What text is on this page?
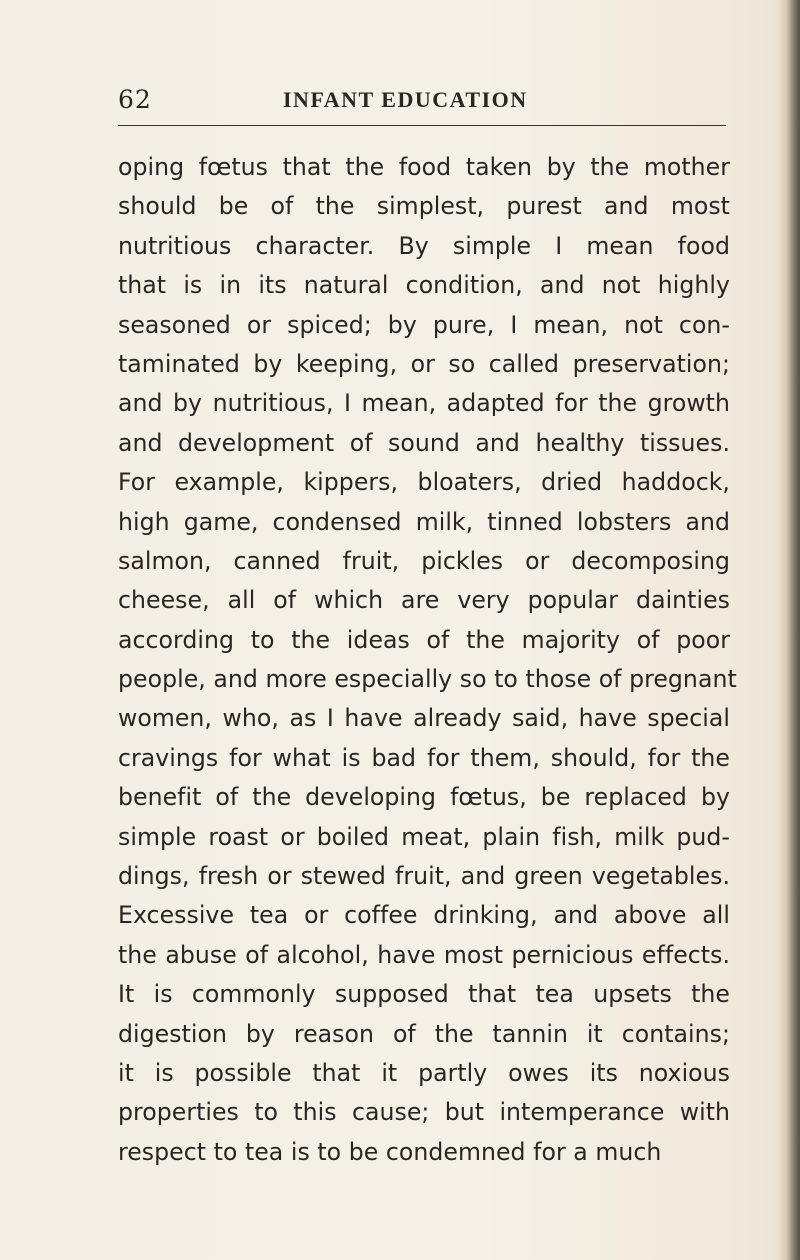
62	INFANT EDUCATION
oping fœtus that the food taken by the mother
should be of the simplest, purest and most
nutritious character. By simple I mean food
that is in its natural condition, and not highly
seasoned or spiced; by pure, I mean, not con-
taminated by keeping, or so called preservation;
and by nutritious, I mean, adapted for the growth
and development of sound and healthy tissues.
For example, kippers, bloaters, dried haddock,
high game, condensed milk, tinned lobsters and
salmon, canned fruit, pickles or decomposing
cheese, all of which are very popular dainties
according to the ideas of the majority of poor
people, and more especially so to those of pregnant
women, who, as I have already said, have special
cravings for what is bad for them, should, for the
benefit of the developing fœtus, be replaced by
simple roast or boiled meat, plain fish, milk pud-
dings, fresh or stewed fruit, and green vegetables.
Excessive tea or coffee drinking, and above all
the abuse of alcohol, have most pernicious effects.
It is commonly supposed that tea upsets the
digestion by reason of the tannin it contains;
it is possible that it partly owes its noxious
properties to this cause; but intemperance with
respect to tea is to be condemned for a much
